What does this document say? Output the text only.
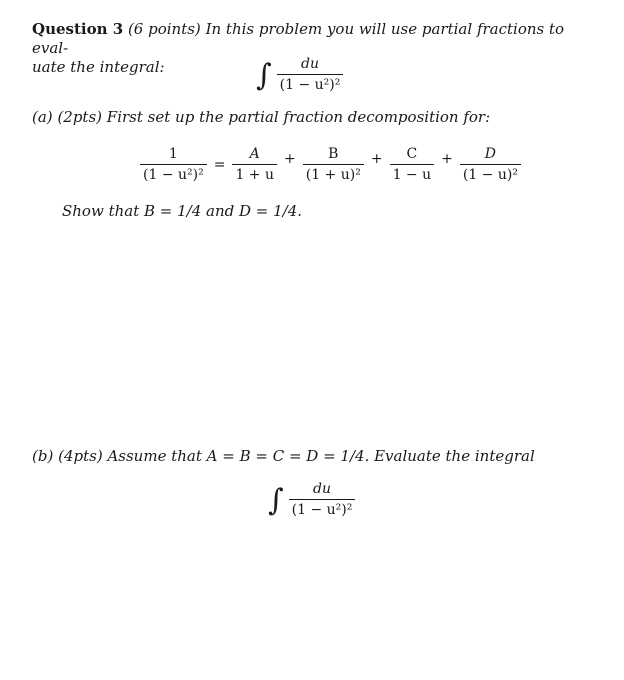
Question 3 (6 points) In this problem you will use partial fractions to eval-
uate the integral:	∫ $\frac{du}{\text{(1 − u²)²}}$
(a) (2pts) First set up the partial fraction decomposition for:
$\frac{1}{\text{(1 − u²)²}} = \frac{A}{1 + u} + \frac{B}{\text{(1 + u)²}} + \frac{C}{1 - u} + \frac{D}{\text{(1 − u)²}}$
Show that B = 1/4 and D = 1/4.
(b) (4pts) Assume that A = B = C = D = 1/4. Evaluate the integral
∫ $\frac{du}{\text{(1 − u²)²}}$
